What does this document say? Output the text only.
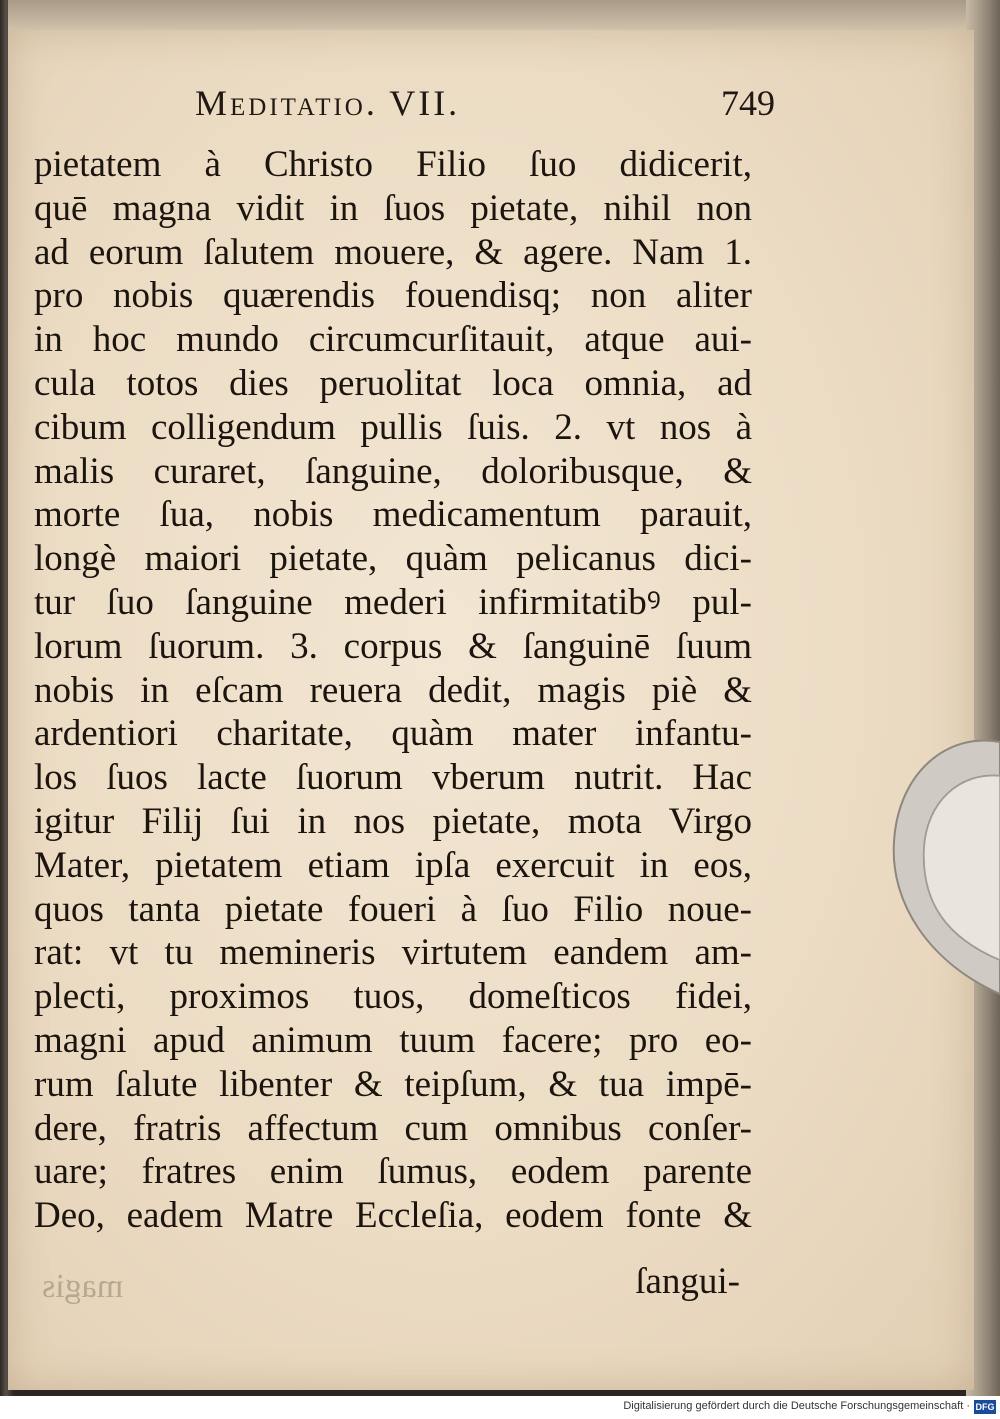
Meditatio. VII.	749
pietatem à Christo Filio ſuo didicerit,
quē magna vidit in ſuos pietate, nihil non
ad eorum ſalutem mouere, & agere. Nam 1.
pro nobis quærendis fouendisq; non aliter
in hoc mundo circumcurſitauit, atque aui-
cula totos dies peruolitat loca omnia, ad
cibum colligendum pullis ſuis. 2. vt nos à
malis curaret, ſanguine, doloribusque, &
morte ſua, nobis medicamentum parauit,
longè maiori pietate, quàm pelicanus dici-
tur ſuo ſanguine mederi infirmitatibꝰ pul-
lorum ſuorum. 3. corpus & ſanguinē ſuum
nobis in eſcam reuera dedit, magis piè &
ardentiori charitate, quàm mater infantu-
los ſuos lacte ſuorum vberum nutrit. Hac
igitur Filij ſui in nos pietate, mota Virgo
Mater, pietatem etiam ipſa exercuit in eos,
quos tanta pietate foueri à ſuo Filio noue-
rat: vt tu memineris virtutem eandem am-
plecti, proximos tuos, domeſticos fidei,
magni apud animum tuum facere; pro eo-
rum ſalute libenter & teipſum, & tua impē-
dere, fratris affectum cum omnibus conſer-
uare; fratres enim ſumus, eodem parente
Deo, eadem Matre Eccleſia, eodem fonte &
ſangui-
magis
Digitalisierung gefördert durch die Deutsche Forschungsgemeinschaft · DFG
